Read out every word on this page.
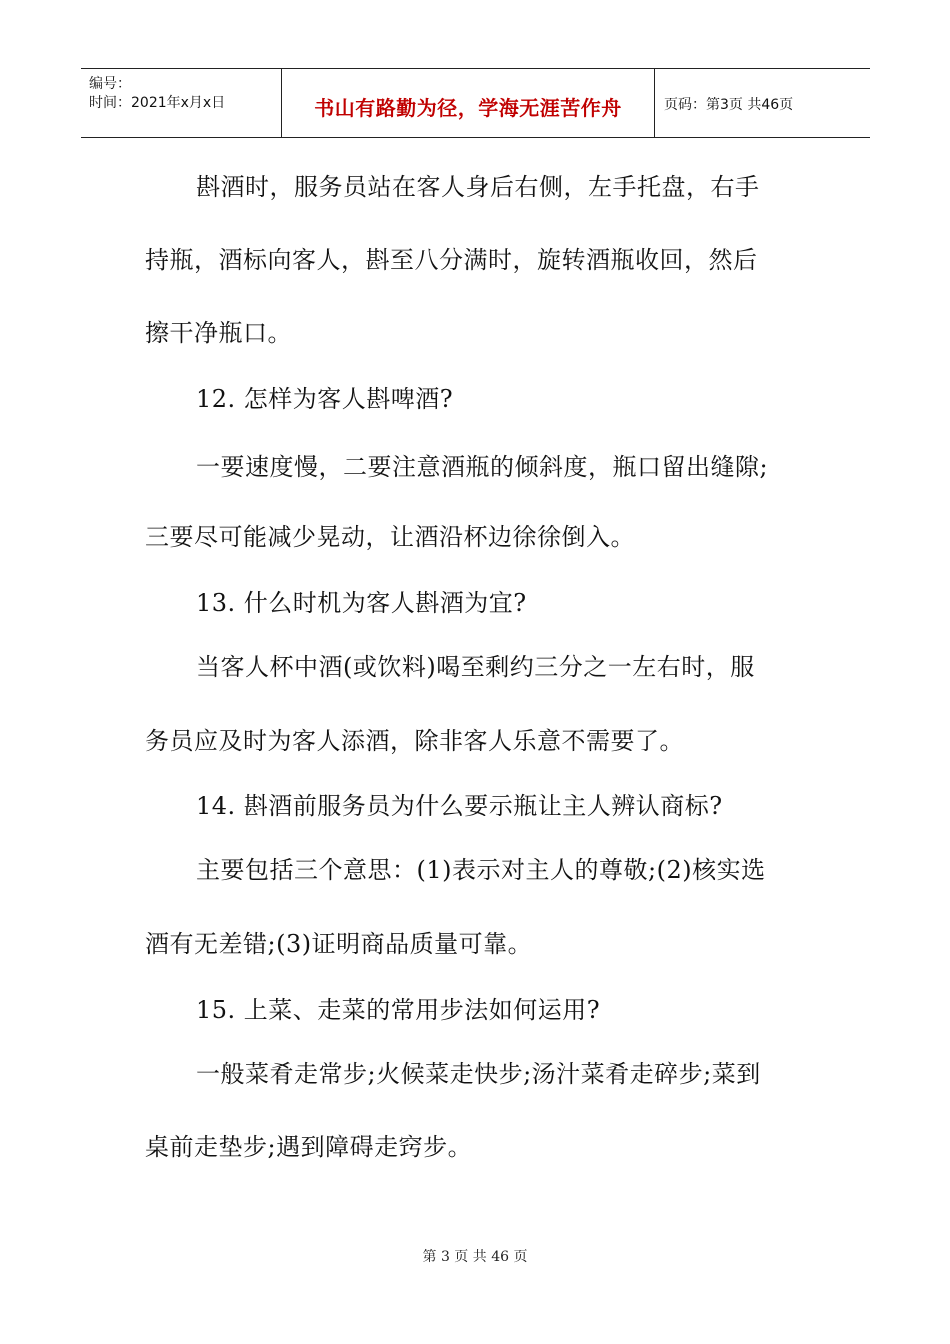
编号：
时间：2021年x月x日	书山有路勤为径，学海无涯苦作舟	页码：第3页 共46页
斟酒时，服务员站在客人身后右侧，左手托盘，右手
持瓶，酒标向客人，斟至八分满时，旋转酒瓶收回，然后
擦干净瓶口。
12. 怎样为客人斟啤酒?
一要速度慢，二要注意酒瓶的倾斜度，瓶口留出缝隙;
三要尽可能减少晃动，让酒沿杯边徐徐倒入。
13. 什么时机为客人斟酒为宜?
当客人杯中酒(或饮料)喝至剩约三分之一左右时，服
务员应及时为客人添酒，除非客人乐意不需要了。
14. 斟酒前服务员为什么要示瓶让主人辨认商标?
主要包括三个意思：(1)表示对主人的尊敬;(2)核实选
酒有无差错;(3)证明商品质量可靠。
15. 上菜、走菜的常用步法如何运用?
一般菜肴走常步;火候菜走快步;汤汁菜肴走碎步;菜到
桌前走垫步;遇到障碍走窍步。
第 3 页 共 46 页
